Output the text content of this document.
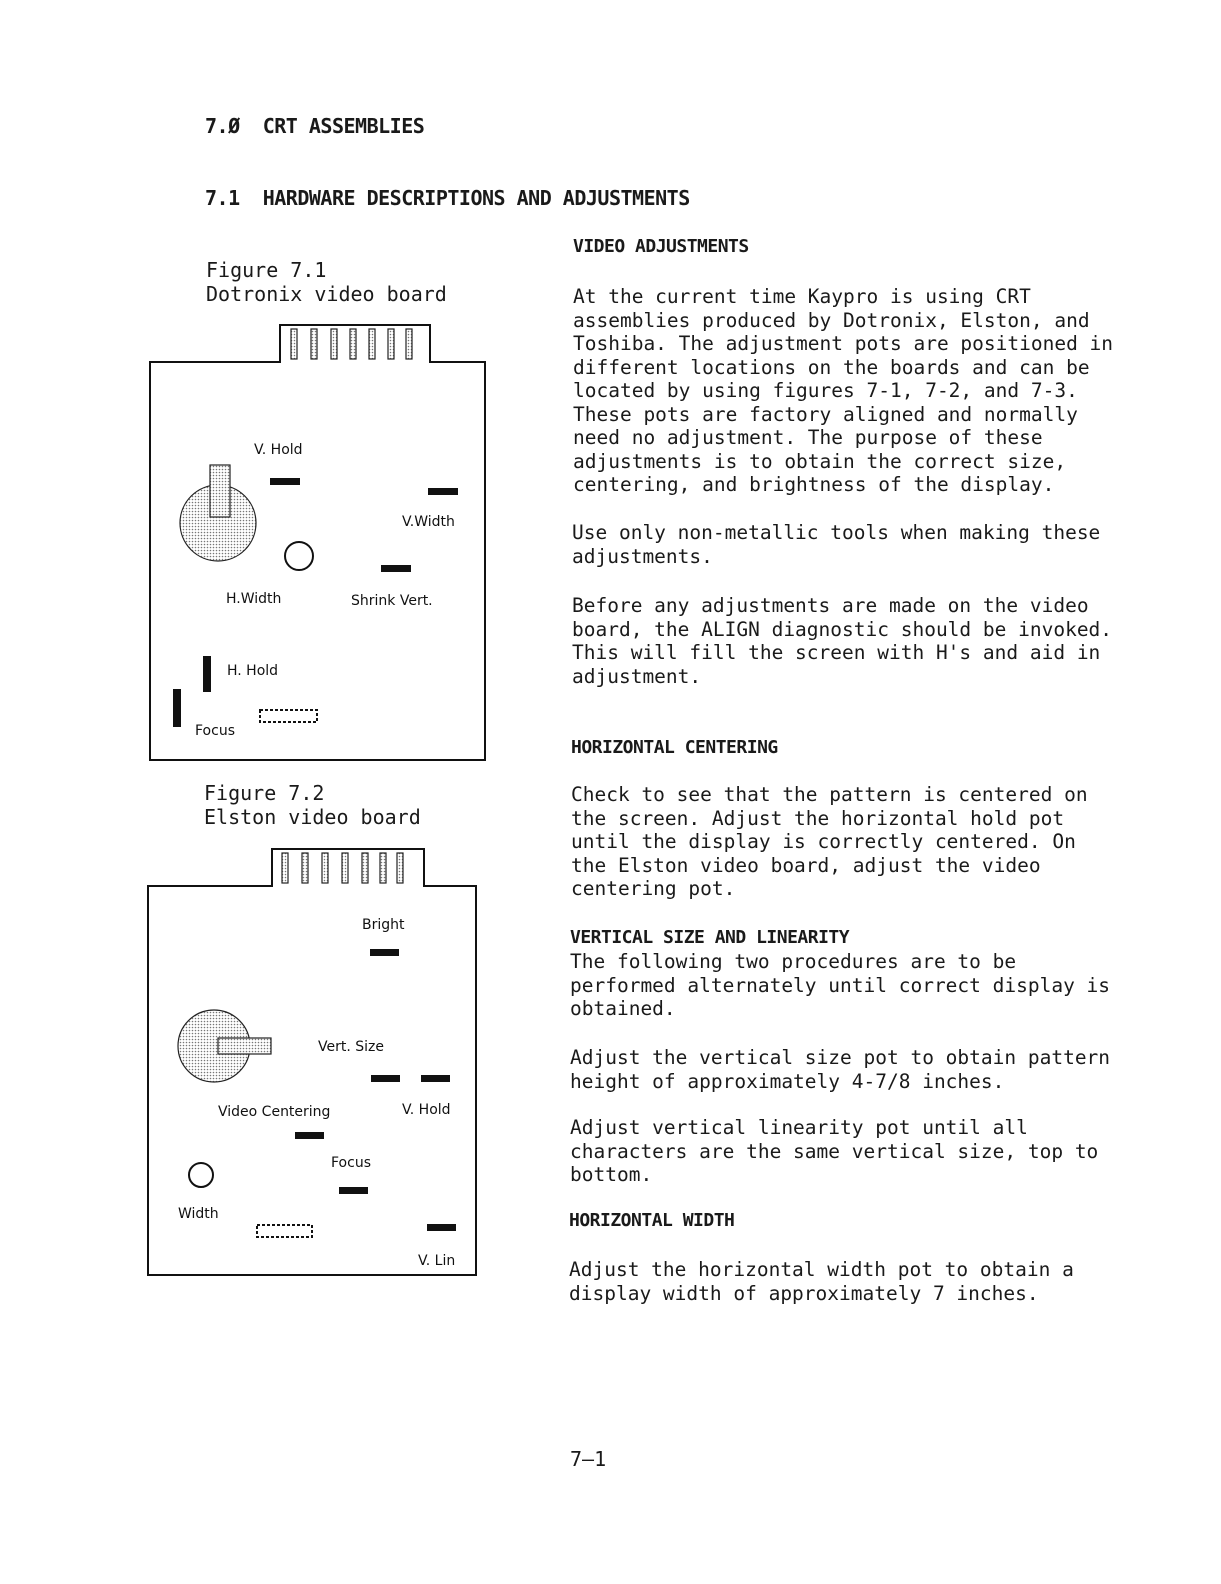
7.Ø CRT ASSEMBLIES
7.1 HARDWARE DESCRIPTIONS AND ADJUSTMENTS
Figure 7.1
Dotronix video board
V. Hold
V.Width
H.Width	Shrink Vert.
H. Hold
Focus
Figure 7.2
Elston video board
Bright
Vert. Size
Video Centering	V. Hold
Focus
Width
V. Lin
VIDEO ADJUSTMENTS
At the current time Kaypro is using CRT
assemblies produced by Dotronix, Elston, and
Toshiba. The adjustment pots are positioned in
different locations on the boards and can be
located by using figures 7-1, 7-2, and 7-3.
These pots are factory aligned and normally
need no adjustment. The purpose of these
adjustments is to obtain the correct size,
centering, and brightness of the display.
Use only non-metallic tools when making these
adjustments.
Before any adjustments are made on the video
board, the ALIGN diagnostic should be invoked.
This will fill the screen with H's and aid in
adjustment.
HORIZONTAL CENTERING
Check to see that the pattern is centered on
the screen. Adjust the horizontal hold pot
until the display is correctly centered. On
the Elston video board, adjust the video
centering pot.
VERTICAL SIZE AND LINEARITY
The following two procedures are to be
performed alternately until correct display is
obtained.
Adjust the vertical size pot to obtain pattern
height of approximately 4-7/8 inches.
Adjust vertical linearity pot until all
characters are the same vertical size, top to
bottom.
HORIZONTAL WIDTH
Adjust the horizontal width pot to obtain a
display width of approximately 7 inches.
7—1
